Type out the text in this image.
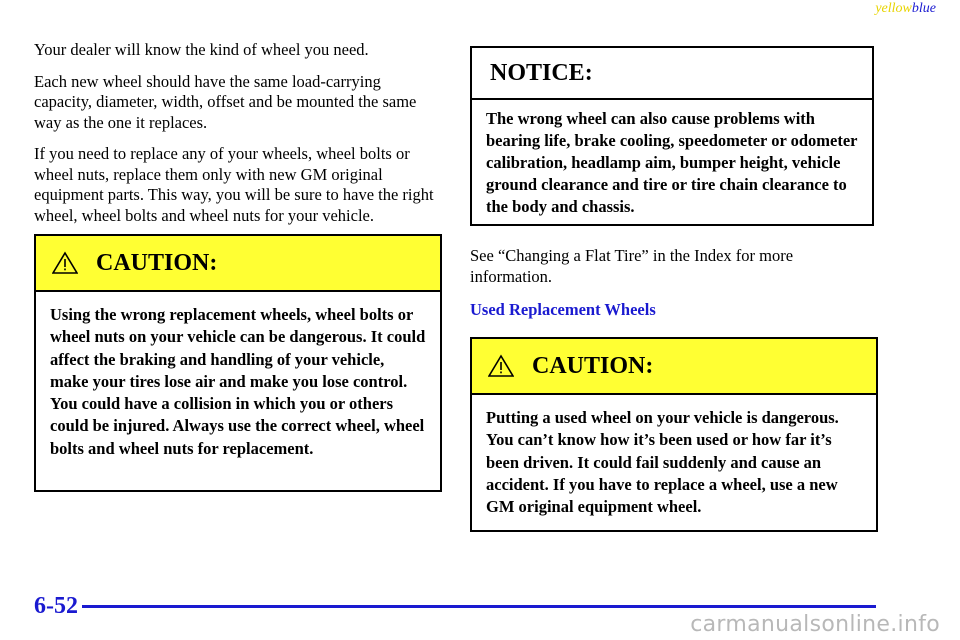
yellowblue

Your dealer will know the kind of wheel you need.

Each new wheel should have the same load‑carrying capacity, diameter, width, offset and be mounted the same way as the one it replaces.

If you need to replace any of your wheels, wheel bolts or wheel nuts, replace them only with new GM original equipment parts. This way, you will be sure to have the right wheel, wheel bolts and wheel nuts for your vehicle.

CAUTION:
Using the wrong replacement wheels, wheel bolts or wheel nuts on your vehicle can be dangerous. It could affect the braking and handling of your vehicle, make your tires lose air and make you lose control. You could have a collision in which you or others could be injured. Always use the correct wheel, wheel bolts and wheel nuts for replacement.
NOTICE:
The wrong wheel can also cause problems with bearing life, brake cooling, speedometer or odometer calibration, headlamp aim, bumper height, vehicle ground clearance and tire or tire chain clearance to the body and chassis.
See “Changing a Flat Tire” in the Index for more information.
Used Replacement Wheels
CAUTION:
Putting a used wheel on your vehicle is dangerous. You can’t know how it’s been used or how far it’s been driven. It could fail suddenly and cause an accident. If you have to replace a wheel, use a new GM original equipment wheel.
6-52
carmanualsonline.info
